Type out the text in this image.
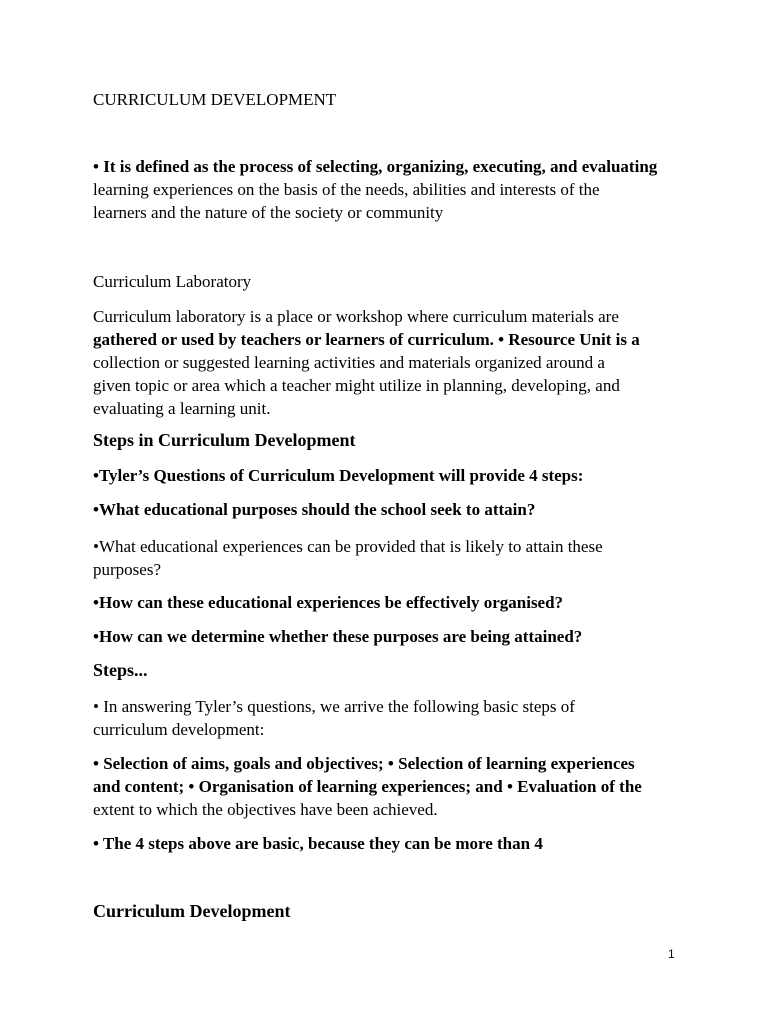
CURRICULUM DEVELOPMENT

• It is defined as the process of selecting, organizing, executing, and evaluating

learning experiences on the basis of the needs, abilities and interests of the

learners and the nature of the society or community

Curriculum Laboratory

Curriculum laboratory is a place or workshop where curriculum materials are

gathered or used by teachers or learners of curriculum. • Resource Unit is a

collection or suggested learning activities and materials organized around a

given topic or area which a teacher might utilize in planning, developing, and

evaluating a learning unit.

Steps in Curriculum Development

•Tyler’s Questions of Curriculum Development will provide 4 steps:

•What educational purposes should the school seek to attain?

•What educational experiences can be provided that is likely to attain these

purposes?

•How can these educational experiences be effectively organised?

•How can we determine whether these purposes are being attained?

Steps...

• In answering Tyler’s questions, we arrive the following basic steps of

curriculum development:

• Selection of aims, goals and objectives; • Selection of learning experiences

and content; • Organisation of learning experiences; and • Evaluation of the

extent to which the objectives have been achieved.

• The 4 steps above are basic, because they can be more than 4

Curriculum Development

1
